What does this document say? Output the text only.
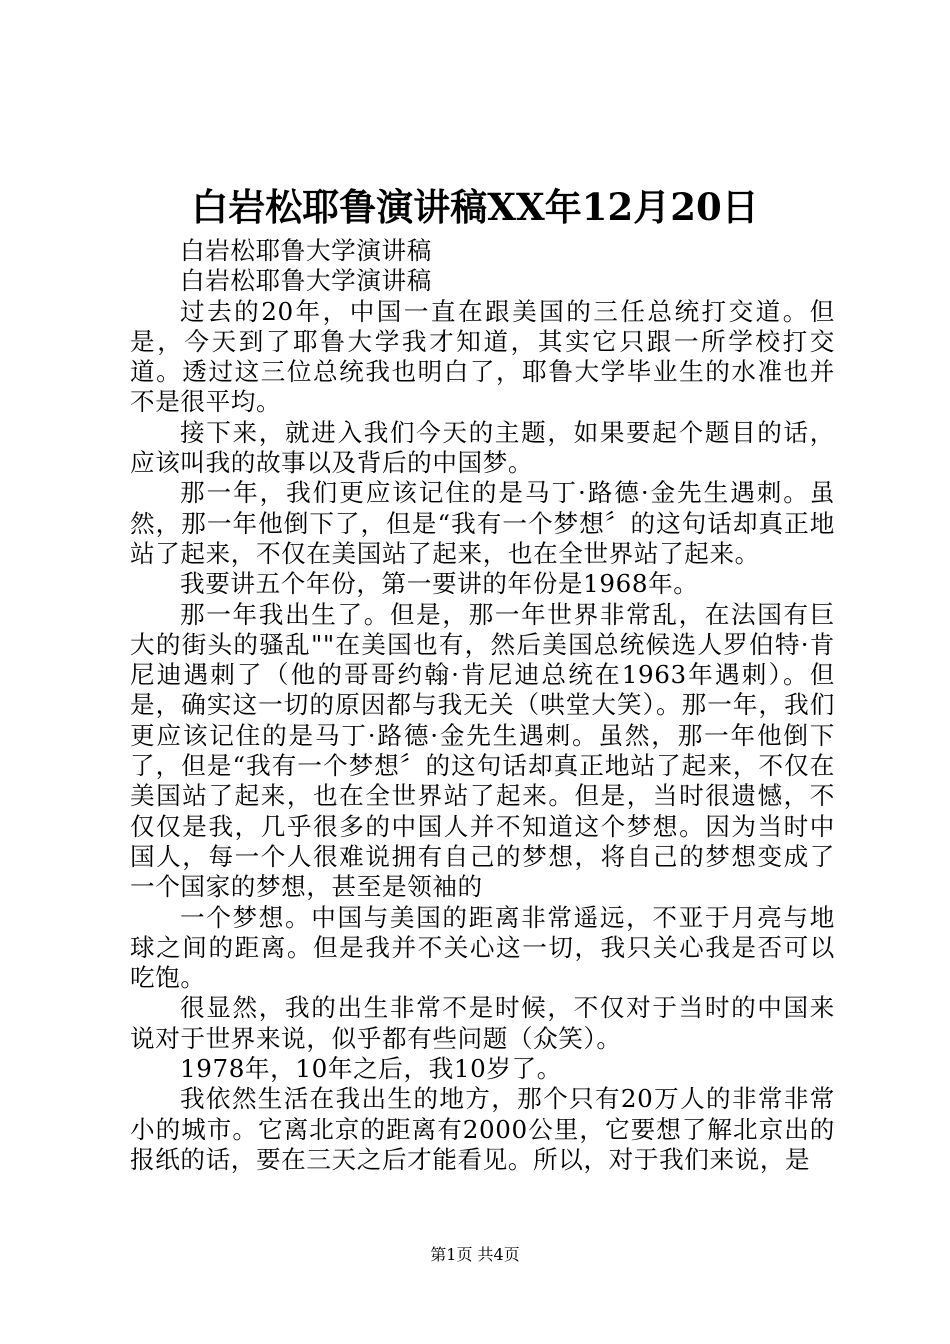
白岩松耶鲁演讲稿XX年12月20日

白岩松耶鲁大学演讲稿

白岩松耶鲁大学演讲稿

过去的20年，中国一直在跟美国的三任总统打交道。但是，今天到了耶鲁大学我才知道，其实它只跟一所学校打交道。透过这三位总统我也明白了，耶鲁大学毕业生的水准也并不是很平均。

接下来，就进入我们今天的主题，如果要起个题目的话，应该叫我的故事以及背后的中国梦。

那一年，我们更应该记住的是马丁·路德·金先生遇刺。虽然，那一年他倒下了，但是“我有一个梦想〞的这句话却真正地站了起来，不仅在美国站了起来，也在全世界站了起来。

我要讲五个年份，第一要讲的年份是1968年。

那一年我出生了。但是，那一年世界非常乱，在法国有巨大的街头的骚乱""在美国也有，然后美国总统候选人罗伯特·肯尼迪遇刺了（他的哥哥约翰·肯尼迪总统在1963年遇刺）。但是，确实这一切的原因都与我无关（哄堂大笑）。那一年，我们更应该记住的是马丁·路德·金先生遇刺。虽然，那一年他倒下了，但是“我有一个梦想〞的这句话却真正地站了起来，不仅在美国站了起来，也在全世界站了起来。但是，当时很遗憾，不仅仅是我，几乎很多的中国人并不知道这个梦想。因为当时中国人，每一个人很难说拥有自己的梦想，将自己的梦想变成了一个国家的梦想，甚至是领袖的

一个梦想。中国与美国的距离非常遥远，不亚于月亮与地球之间的距离。但是我并不关心这一切，我只关心我是否可以吃饱。

很显然，我的出生非常不是时候，不仅对于当时的中国来说对于世界来说，似乎都有些问题（众笑）。

1978年，10年之后，我10岁了。

我依然生活在我出生的地方，那个只有20万人的非常非常小的城市。它离北京的距离有2000公里，它要想了解北京出的报纸的话，要在三天之后才能看见。所以，对于我们来说，是

第1页 共4页
